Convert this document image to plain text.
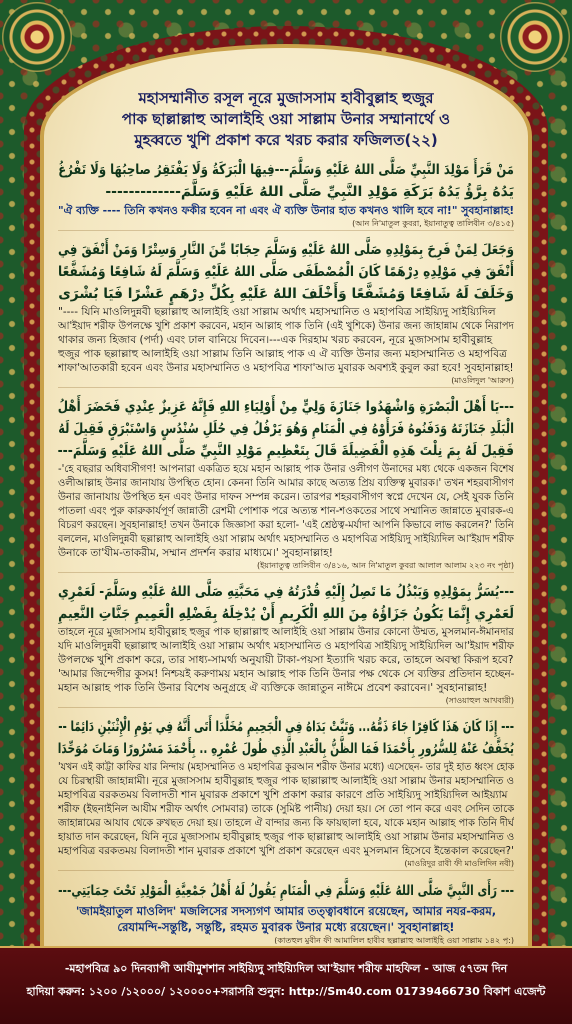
মহাসম্মানীত রসূল নূরে মুজাসসাম হাবীবুল্লাহ হুজুর
পাক ছাল্লাল্লাহু আলাইহি ওয়া সাল্লাম উনার সম্মানার্থে ও
মুহব্বতে খুশি প্রকাশ করে খরচ করার ফজিলত(২২)
مَنْ قَرَأَ مَوْلِدَ النَّبِيِّ صَلَّى اللهُ عَلَيْهِ وَسَلَّمَ---فِيهَا الْبَرَكَةُ وَلَا يَفْتَقِرُ صاحِبُهَا وَلَا تَفْرُغُ
يَدُهُ بِرَّؤُ يَدُهُ بَرَكَةِ مَوْلِدِ النَّبِيِّ صَلَّى اللهُ عَلَيْهِ وَسَلَّمَ-------------
"ঐ ব্যক্তি ---- তিনি কখনও ফকীর হবেন না এবং ঐ ব্যক্তি উনার হাত কখনও খালি হবে না!" সুবহানাল্লাহ!
(আন নি'মাতুল কুবরা, ইয়ানাতুত্ব তালিবীন ৩/৪১৫)
وَجَعَلَ لِمَنْ فَرِحَ بِمَوْلِدِهِ صَلَّى اللهُ عَلَيْهِ وَسَلَّمَ حِجَابًا مِّنَ النَّارِ وَسِتْرًا وَمَنْ أَنْفَقَ فِي
أَنْفَقَ فِي مَوْلِدِهِ دِرْهَمًا كَانَ الْمُصْطَفَى صَلَّى اللهُ عَلَيْهِ وَسَلَّمَ لَهُ شَافِعًا وَمُشَفَّعًا
وَخَلَفَ لَهُ شَافِعًا وَمُشَفَّعًا وَأَخْلَفَ اللهُ عَلَيْهِ بِكُلِّ دِرْهَمٍ عَشْرًا فَيَا بُشْرَى
"---- যিনি মাওলিদুন্নবী ছল্লাল্লাহু আলাইহি ওয়া সাল্লাম অর্থাৎ মহাসম্মানিত ও মহাপবিত্র সাইয়্যিদু সাইয়্যিদিল
আ'ইয়াদ শরীফ উপলক্ষে খুশি প্রকাশ করবেন, মহান আল্লাহ পাক তিনি (এই খুশিকে) উনার জন্য জাহান্নাম থেকে নিরাপদ
থাকার জন্য হিজাব (পর্দা) এবং ঢাল বানিয়ে দিবেন।---এক দিরহাম খরচ করবেন, নূরে মুজাসসাম হাবীবুল্লাহ
হুজুর পাক ছল্লাল্লাহু আলাইহি ওয়া সাল্লাম তিনি আল্লাহ পাক এ ঐ ব্যক্তি উনার জন্য মহাসম্মানিত ও মহাপবিত্র
শাফা'আতকারী হবেন এবং উনার মহাসম্মানিত ও মহাপবিত্র শাফা'আত মুবারক অবশ্যই কুবুল করা হবে! সুবহানাল্লাহ!
(মাওলিদুল 'আরুস)
---يَا أَهْلَ الْبَصْرَةِ وَاشْهَدُوا جَنَازَةَ وَلِيٍّ مِنْ أَوْلِيَاءِ اللهِ فَإِنَّهُ عَزِيزٌ عِنْدِي فَحَضَرَ أَهْلُ
الْبَلَدِ جَنَازَتَهُ وَدَفَنُوهُ فَرَأَوْهُ فِي الْمَنَامِ وَهُوَ يَرْفُلُ فِي حُلَلِ سُنْدُسٍ وَاسْتَبْرَقٍ فَقِيلَ لَهُ
فَقِيلَ لَهُ بِمَ نِلْتَ هَذِهِ الْفَضِيلَةَ قَالَ بِتَعْظِيمِ مَوْلِدِ النَّبِيِّ صَلَّى اللهُ عَلَيْهِ وَسَلَّمَ---
-'হে বছরার অধিবাসীগণ! আপনারা একত্রিত হয়ে মহান আল্লাহ পাক উনার ওলীগণ উনাদের মধ্য থেকে একজন বিশেষ
ওলীআল্লাহ উনার জানাযায় উপস্থিত হোন। কেননা তিনি আমার কাছে অত্যন্ত প্রিয় ব্যক্তিত্ব মুবারক।' তখন শহরবাসীগণ
উনার জানাযায় উপস্থিত হন এবং উনার দাফন সম্পন্ন করেন। তারপর শহরবাসীগণ স্বপ্নে দেখেন যে, সেই যুবক তিনি
পাতলা এবং পুরু কারুকার্যপূর্ণ জান্নাতী রেশমী পোশাক পরে অত্যন্ত শান-শওকতের সাথে সম্মানিত জান্নাতে মুবারক-এ
বিচরণ করছেন। সুবহানাল্লাহ! তখন উনাকে জিজ্ঞাসা করা হলো- 'এই শ্রেষ্ঠত্ব-মর্যাদা আপনি কিভাবে লাভ করলেন?' তিনি
বললেন, মাওলিদুন্নবী ছল্লাল্লাহু আলাইহি ওয়া সাল্লাম অর্থাৎ মহাসম্মানিত ও মহাপবিত্র সাইয়্যিদু সাইয়্যিদিল আ'ইয়াদ শরীফ
উনাকে তা'যীম-তাকরীম, সম্মান প্রদর্শন করার মাধ্যমে।' সুবহানাল্লাহ!
(ইয়ানাতুত্ব তালিবীন ৩/৪১৬, আন নি'মাতুল কুবরা আলাল আলাম ২২৩ নং পৃষ্ঠা)
---يُسَرُّ بِمَوْلِدِهِ وَيَبْذُلُ مَا تَصِلُ إِلَيْهِ قُدْرَتُهُ فِي مَحَبَّتِهِ صَلَّى اللهُ عَلَيْهِ وسَلَّمَ- لَعَمْرِي
لَعَمْرِي إِنَّمَا يَكُونُ جَزَاؤُهُ مِنَ اللهِ الْكَرِيمِ أَنْ يُدْخِلَهُ بِفَضْلِهِ الْعَمِيمِ جَنَّاتِ النَّعِيمِ
তাহলে নূরে মুজাসসাম হাবীবুল্লাহ হুজুর পাক ছাল্লাল্লাহু আলাইহি ওয়া সাল্লাম উনার কোনো উম্মত, মুসলমান-ঈমানদার
যদি মাওলিদুন্নবী ছল্লাল্লাহু আলাইহি ওয়া সাল্লাম অর্থাৎ মহাসম্মানিত ও মহাপবিত্র সাইয়্যিদু সাইয়্যিদিল আ'ইয়াদ শরীফ
উপলক্ষে খুশি প্রকাশ করে, তার সাধ্য-সামর্থ্য অনুযায়ী টাকা-পয়সা ইত্যাদি খরচ করে, তাহলে অবস্থা কিরূপ হবে?
'আমার জিন্দেগীর কুসম! নিশ্চয়ই করুণাময় মহান আল্লাহ পাক তিনি উনার পক্ষ থেকে সে ব্যক্তির প্রতিদান হচ্ছেন-
মহান আল্লাহ পাক তিনি উনার বিশেষ অনুগ্রহে ঐ ব্যক্তিকে জান্নাতুন নাঈমে প্রবেশ করাবেন।' সুবহানাল্লাহ!
(সাওয়াহুল আখবারী)
--- إِذَا كَانَ هَذَا كَافِرًا جَاءَ ذَمُّهُ... وَتَبَّتْ يَدَاهُ فِي الْجَحِيمِ مُخَلَّدَا أَتَى أَنَّهُ فِي يَوْمِ الْإِثْنَيْنِ دَائِمًا --
يُخَفَّفُ عَنْهُ لِلسُّرُورِ بِأَحْمَدَا فَمَا الظَّنُّ بِالْعَبْدِ الَّذِي طُولَ عُمْرِهِ .. بِأَحْمَدَ مَسْرُورًا وَمَاتَ مُوَحِّدَا
'যখন এই কাট্টা কাফির যার নিন্দায় (মহাসম্মানিত ও মহাপবিত্র কুরআন শরীফ উনার মধ্যে) এসেছেন- তার দুই হাত ধ্বংস হোক
যে চিরস্থায়ী জাহান্নামী। নূরে মুজাসসাম হাবীবুল্লাহ হুজুর পাক ছাল্লাল্লাহু আলাইহি ওয়া সাল্লাম উনার মহাসম্মানিত ও
মহাপবিত্র বরকতময় বিলাদতী শান মুবারক প্রকাশে খুশি প্রকাশ করার কারণে প্রতি সাইয়্যিদু সাইয়্যিদিল আইয়্যাম
শরীফ (ইছনাইনিল আযীম শরীফ অর্থাৎ সোমবার) তাকে (সুমিষ্ট পানীয়) দেয়া হয়। সে তো পান করে এবং সেদিন তাকে
জাহান্নামের আযাব থেকে রুখছত দেয়া হয়। তাহলে ঐ বান্দার জন্য কি ফায়ছালা হবে, যাকে মহান আল্লাহ পাক তিনি দীর্ঘ
হায়াত দান করেছেন, যিনি নূরে মুজাসসাম হাবীবুল্লাহ হুজুর পাক ছাল্লাল্লাহু আলাইহি ওয়া সাল্লাম উনার মহাসম্মানিত ও
মহাপবিত্র বরকতময় বিলাদতী শান মুবারক প্রকাশে খুশি প্রকাশ করেছেন এবং মুসলমান হিসেবে ইন্তেকাল করেছেন?'
(মাওরিদুর রাবী ফী মাওলিদিন নবী)
--- رَأَى النَّبِيَّ صَلَّى اللهُ عَلَيْهِ وَسَلَّمَ فِي الْمَنَامِ يَقُولُ لَهُ أَهْلُ جَمْعِيَّةِ الْمَوْلِدِ تَحْتَ حِمَايَتِي---
'জামইয়াতুল মাওলিদ' মজলিসের সদস্যগণ আমার তত্ত্বাবধানে রয়েছেন, আমার নযর-করম,
রেযামন্দি-সন্তুষ্টি, সন্তুষ্টি, রহমত মুবারক উনার মধ্যে রয়েছেন।' সুবহানাল্লাহ!
(কাতহুল মুবীন ফী আমালিল হাবীব ছল্লাল্লাহু আলাইহি ওয়া সাল্লাম ১৪২ পৃ:)
-মহাপবিত্র ৯০ দিনব্যাপী আযীমুশশান সাইয়্যিদু সাইয়্যিদিল আ'ইয়াদ শরীফ মাহফিল - আজ ৫৭তম দিন
হাদিয়া করুন: ১২০০ /১২০০০/ ১২০০০০+সরাসরি শুনুন: http://Sm40.com 01739466730 বিকাশ এজেন্ট
